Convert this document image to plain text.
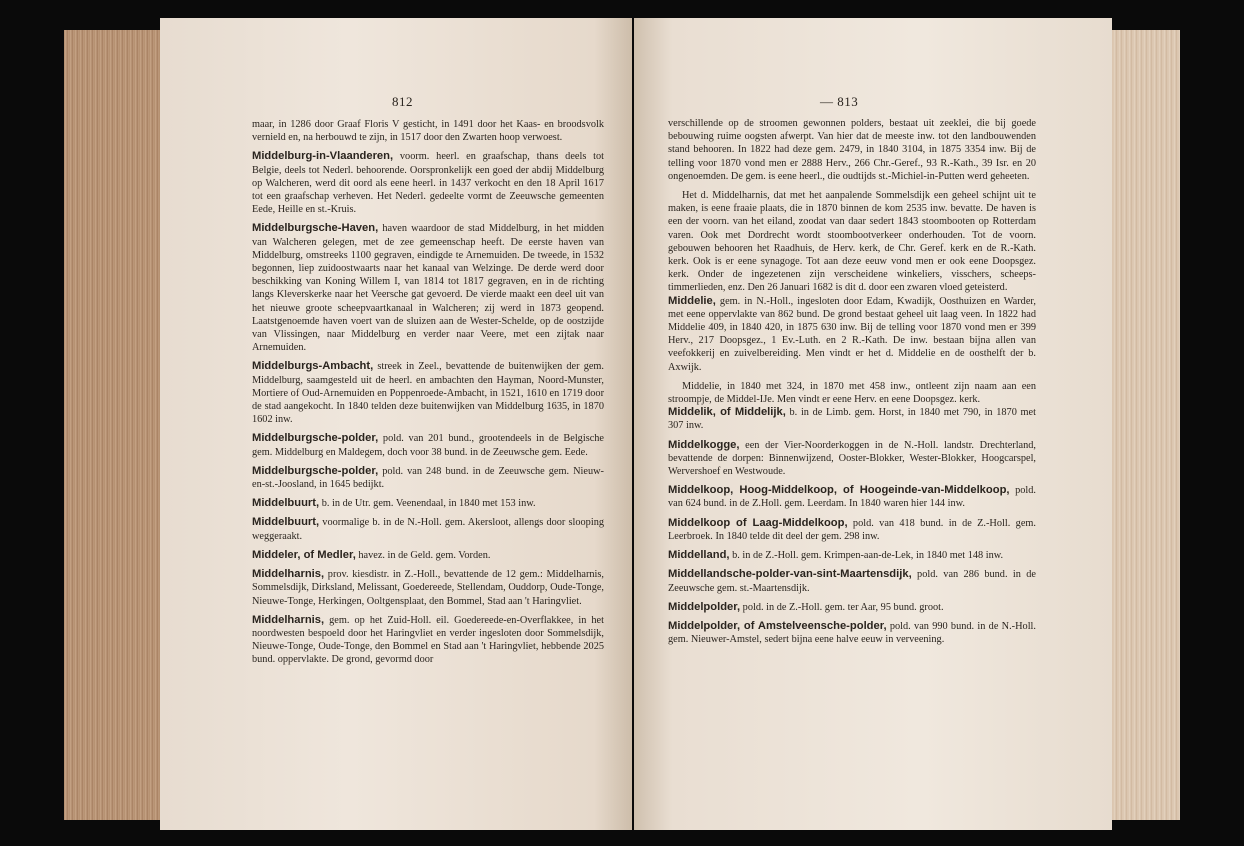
812

maar, in 1286 door Graaf Floris V gesticht, in 1491 door het Kaas- en broodsvolk vernield en, na herbouwd te zijn, in 1517 door den Zwarten hoop verwoest.

Middelburg-in-Vlaanderen, voorm. heerl. en graafschap, thans deels tot Belgie, deels tot Nederl. behoorende. Oorspronkelijk een goed der abdij Middelburg op Walcheren, werd dit oord als eene heerl. in 1437 verkocht en den 18 April 1617 tot een graafschap verheven. Het Nederl. gedeelte vormt de Zeeuwsche gemeenten Eede, Heille en st.-Kruis.

Middelburgsche-Haven, haven waardoor de stad Middelburg, in het midden van Walcheren gelegen, met de zee gemeenschap heeft. De eerste haven van Middelburg, omstreeks 1100 gegraven, eindigde te Arnemuiden. De tweede, in 1532 begonnen, liep zuidoostwaarts naar het kanaal van Welzinge. De derde werd door beschikking van Koning Willem I, van 1814 tot 1817 gegraven, en in de richting langs Kleverskerke naar het Veersche gat gevoerd. De vierde maakt een deel uit van het nieuwe groote scheepvaartkanaal in Walcheren; zij werd in 1873 geopend. Laatstgenoemde haven voert van de sluizen aan de Wester-Schelde, op de oostzijde van Vlissingen, naar Middelburg en verder naar Veere, met een zijtak naar Arnemuiden.

Middelburgs-Ambacht, streek in Zeel., bevattende de buitenwijken der gem. Middelburg, saamgesteld uit de heerl. en ambachten den Hayman, Noord-Munster, Mortiere of Oud-Arnemuiden en Poppenroede-Ambacht, in 1521, 1610 en 1719 door de stad aangekocht. In 1840 telden deze buitenwijken van Middelburg 1635, in 1870 1602 inw.

Middelburgsche-polder, pold. van 201 bund., grootendeels in de Belgische gem. Middelburg en Maldegem, doch voor 38 bund. in de Zeeuwsche gem. Eede.

Middelburgsche-polder, pold. van 248 bund. in de Zeeuwsche gem. Nieuw-en-st.-Joosland, in 1645 bedijkt.

Middelbuurt, b. in de Utr. gem. Veenendaal, in 1840 met 153 inw.

Middelbuurt, voormalige b. in de N.-Holl. gem. Akersloot, allengs door slooping weggeraakt.

Middeler, of Medler, havez. in de Geld. gem. Vorden.

Middelharnis, prov. kiesdistr. in Z.-Holl., bevattende de 12 gem.: Middelharnis, Sommelsdijk, Dirksland, Melissant, Goedereede, Stellendam, Ouddorp, Oude-Tonge, Nieuwe-Tonge, Herkingen, Ooltgensplaat, den Bommel, Stad aan 't Haringvliet.

Middelharnis, gem. op het Zuid-Holl. eil. Goedereede-en-Overflakkee, in het noordwesten bespoeld door het Haringvliet en verder ingesloten door Sommelsdijk, Nieuwe-Tonge, Oude-Tonge, den Bommel en Stad aan 't Haringvliet, hebbende 2025 bund. oppervlakte. De grond, gevormd door

— 813

verschillende op de stroomen gewonnen polders, bestaat uit zeeklei, die bij goede bebouwing ruime oogsten afwerpt. Van hier dat de meeste inw. tot den landbouwenden stand behooren. In 1822 had deze gem. 2479, in 1840 3104, in 1875 3354 inw. Bij de telling voor 1870 vond men er 2888 Herv., 266 Chr.-Geref., 93 R.-Kath., 39 Isr. en 20 ongenoemden. De gem. is eene heerl., die oudtijds st.-Michiel-in-Putten werd geheeten.

Het d. Middelharnis, dat met het aanpalende Sommelsdijk een geheel schijnt uit te maken, is eene fraaie plaats, die in 1870 binnen de kom 2535 inw. bevatte. De haven is een der voorn. van het eiland, zoodat van daar sedert 1843 stoombooten op Rotterdam varen. Ook met Dordrecht wordt stoombootverkeer onderhouden. Tot de voorn. gebouwen behooren het Raadhuis, de Herv. kerk, de Chr. Geref. kerk en de R.-Kath. kerk. Ook is er eene synagoge. Tot aan deze eeuw vond men er ook eene Doopsgez. kerk. Onder de ingezetenen zijn verscheidene winkeliers, visschers, scheeps- timmerlieden, enz. Den 26 Januari 1682 is dit d. door een zwaren vloed geteisterd.

Middelie, gem. in N.-Holl., ingesloten door Edam, Kwadijk, Oosthuizen en Warder, met eene oppervlakte van 862 bund. De grond bestaat geheel uit laag veen. In 1822 had Middelie 409, in 1840 420, in 1875 630 inw. Bij de telling voor 1870 vond men er 399 Herv., 217 Doopsgez., 1 Ev.-Luth. en 2 R.-Kath. De inw. bestaan bijna allen van veefokkerij en zuivelbereiding. Men vindt er het d. Middelie en de oosthelft der b. Axwijk.

Middelie, in 1840 met 324, in 1870 met 458 inw., ontleent zijn naam aan een stroompje, de Middel-IJe. Men vindt er eene Herv. en eene Doopsgez. kerk.

Middelik, of Middelijk, b. in de Limb. gem. Horst, in 1840 met 790, in 1870 met 307 inw.

Middelkogge, een der Vier-Noorderkoggen in de N.-Holl. landstr. Drechterland, bevattende de dorpen: Binnenwijzend, Ooster-Blokker, Wester-Blokker, Hoogcarspel, Wervershoef en Westwoude.

Middelkoop, Hoog-Middelkoop, of Hoogeinde-van-Middelkoop, pold. van 624 bund. in de Z.Holl. gem. Leerdam. In 1840 waren hier 144 inw.

Middelkoop of Laag-Middelkoop, pold. van 418 bund. in de Z.-Holl. gem. Leerbroek. In 1840 telde dit deel der gem. 298 inw.

Middelland, b. in de Z.-Holl. gem. Krimpen-aan-de-Lek, in 1840 met 148 inw.

Middellandsche-polder-van-sint-Maartensdijk, pold. van 286 bund. in de Zeeuwsche gem. st.-Maartensdijk.

Middelpolder, pold. in de Z.-Holl. gem. ter Aar, 95 bund. groot.

Middelpolder, of Amstelveensche-polder, pold. van 990 bund. in de N.-Holl. gem. Nieuwer-Amstel, sedert bijna eene halve eeuw in verveening.
